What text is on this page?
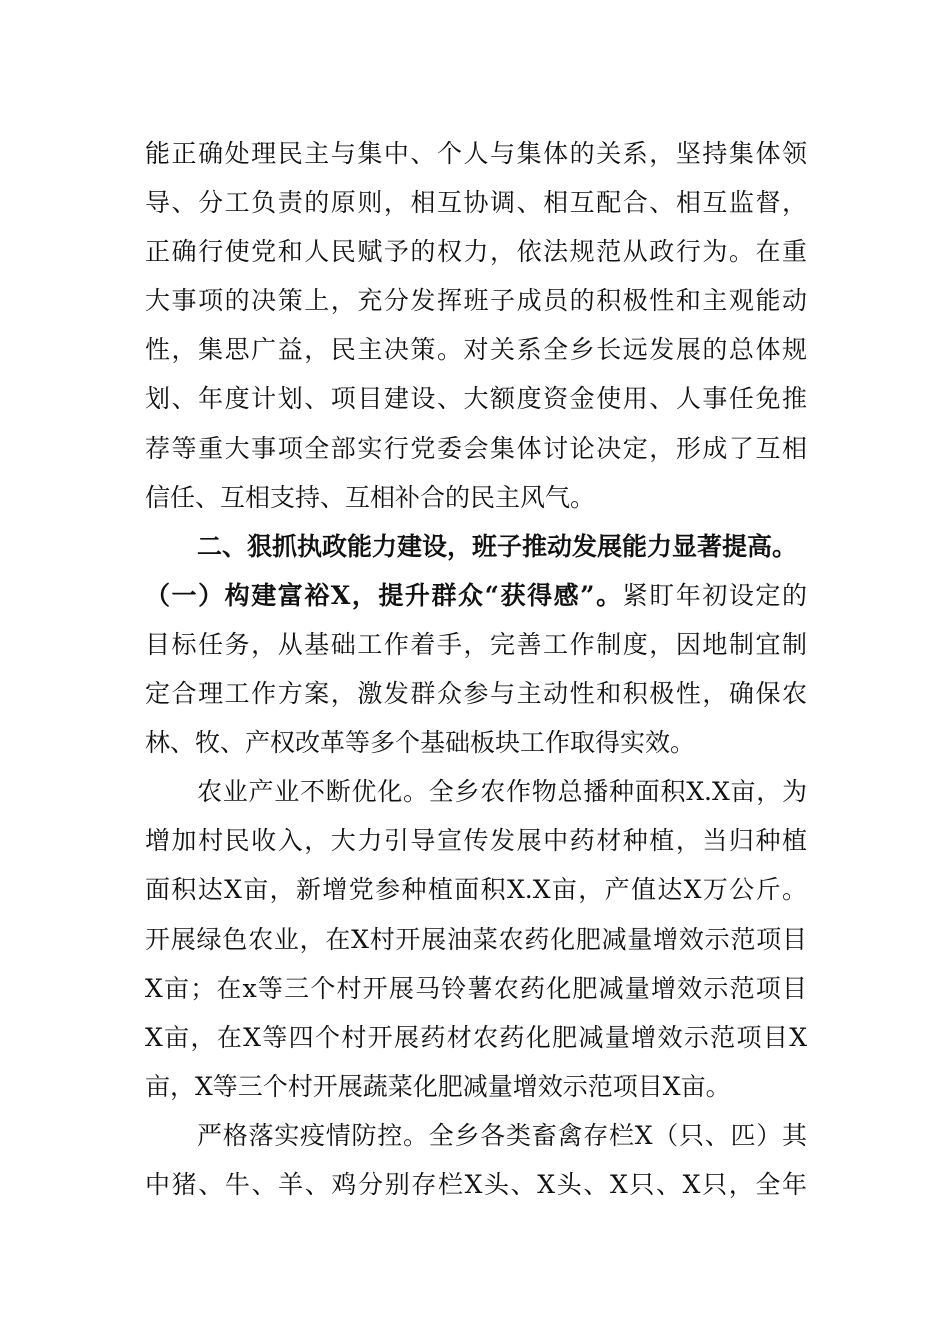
能正确处理民主与集中、个人与集体的关系，坚持集体领
导、分工负责的原则，相互协调、相互配合、相互监督，
正确行使党和人民赋予的权力，依法规范从政行为。在重
大事项的决策上，充分发挥班子成员的积极性和主观能动
性，集思广益，民主决策。对关系全乡长远发展的总体规
划、年度计划、项目建设、大额度资金使用、人事任免推
荐等重大事项全部实行党委会集体讨论决定，形成了互相
信任、互相支持、互相补合的民主风气。
二、狠抓执政能力建设，班子推动发展能力显著提高。
（一）构建富裕X，提升群众“获得感”。紧盯年初设定的
目标任务，从基础工作着手，完善工作制度，因地制宜制
定合理工作方案，激发群众参与主动性和积极性，确保农
林、牧、产权改革等多个基础板块工作取得实效。
农业产业不断优化。全乡农作物总播种面积X.X亩，为
增加村民收入，大力引导宣传发展中药材种植，当归种植
面积达X亩，新增党参种植面积X.X亩，产值达X万公斤。
开展绿色农业，在X村开展油菜农药化肥减量增效示范项目
X亩；在x等三个村开展马铃薯农药化肥减量增效示范项目
X亩，在X等四个村开展药材农药化肥减量增效示范项目X
亩，X等三个村开展蔬菜化肥减量增效示范项目X亩。
严格落实疫情防控。全乡各类畜禽存栏X（只、匹）其
中猪、牛、羊、鸡分别存栏X头、X头、X只、X只，全年
